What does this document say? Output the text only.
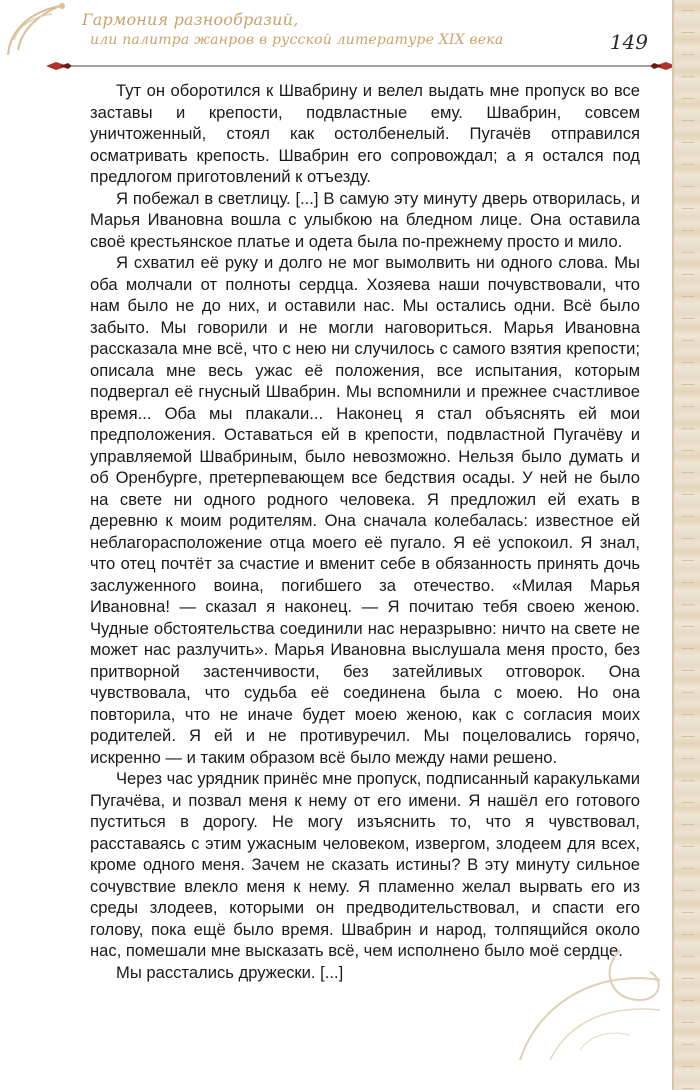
Гармония разнообразий,
или палитра жанров в русской литературе XIX века	149

Тут он оборотился к Швабрину и велел выдать мне пропуск во все заставы и крепости, подвластные ему. Швабрин, совсем уничтоженный, стоял как остолбенелый. Пугачёв отправился осматривать крепость. Швабрин его сопровождал; а я остался под предлогом приготовлений к отъезду.

Я побежал в светлицу. [...] В самую эту минуту дверь отворилась, и Марья Ивановна вошла с улыбкою на бледном лице. Она оставила своё крестьянское платье и одета была по-прежнему просто и мило.

Я схватил её руку и долго не мог вымолвить ни одного слова. Мы оба молчали от полноты сердца. Хозяева наши почувствовали, что нам было не до них, и оставили нас. Мы остались одни. Всё было забыто. Мы говорили и не могли наговориться. Марья Ивановна рассказала мне всё, что с нею ни случилось с самого взятия крепости; описала мне весь ужас её положения, все испытания, которым подвергал её гнусный Швабрин. Мы вспомнили и прежнее счастливое время... Оба мы плакали... Наконец я стал объяснять ей мои предположения. Оставаться ей в крепости, подвластной Пугачёву и управляемой Швабриным, было невозможно. Нельзя было думать и об Оренбурге, претерпевающем все бедствия осады. У ней не было на свете ни одного родного человека. Я предложил ей ехать в деревню к моим родителям. Она сначала колебалась: известное ей неблагорасположение отца моего её пугало. Я её успокоил. Я знал, что отец почтёт за счастие и вменит себе в обязанность принять дочь заслуженного воина, погибшего за отечество. «Милая Марья Ивановна! — сказал я наконец. — Я почитаю тебя своею женою. Чудные обстоятельства соединили нас неразрывно: ничто на свете не может нас разлучить». Марья Ивановна выслушала меня просто, без притворной застенчивости, без затейливых отговорок. Она чувствовала, что судьба её соединена была с моею. Но она повторила, что не иначе будет моею женою, как с согласия моих родителей. Я ей и не противуречил. Мы поцеловались горячо, искренно — и таким образом всё было между нами решено.

Через час урядник принёс мне пропуск, подписанный каракульками Пугачёва, и позвал меня к нему от его имени. Я нашёл его готового пуститься в дорогу. Не могу изъяснить то, что я чувствовал, расставаясь с этим ужасным человеком, извергом, злодеем для всех, кроме одного меня. Зачем не сказать истины? В эту минуту сильное сочувствие влекло меня к нему. Я пламенно желал вырвать его из среды злодеев, которыми он предводительствовал, и спасти его голову, пока ещё было время. Швабрин и народ, толпящийся около нас, помешали мне высказать всё, чем исполнено было моё сердце.

Мы расстались дружески. [...]
